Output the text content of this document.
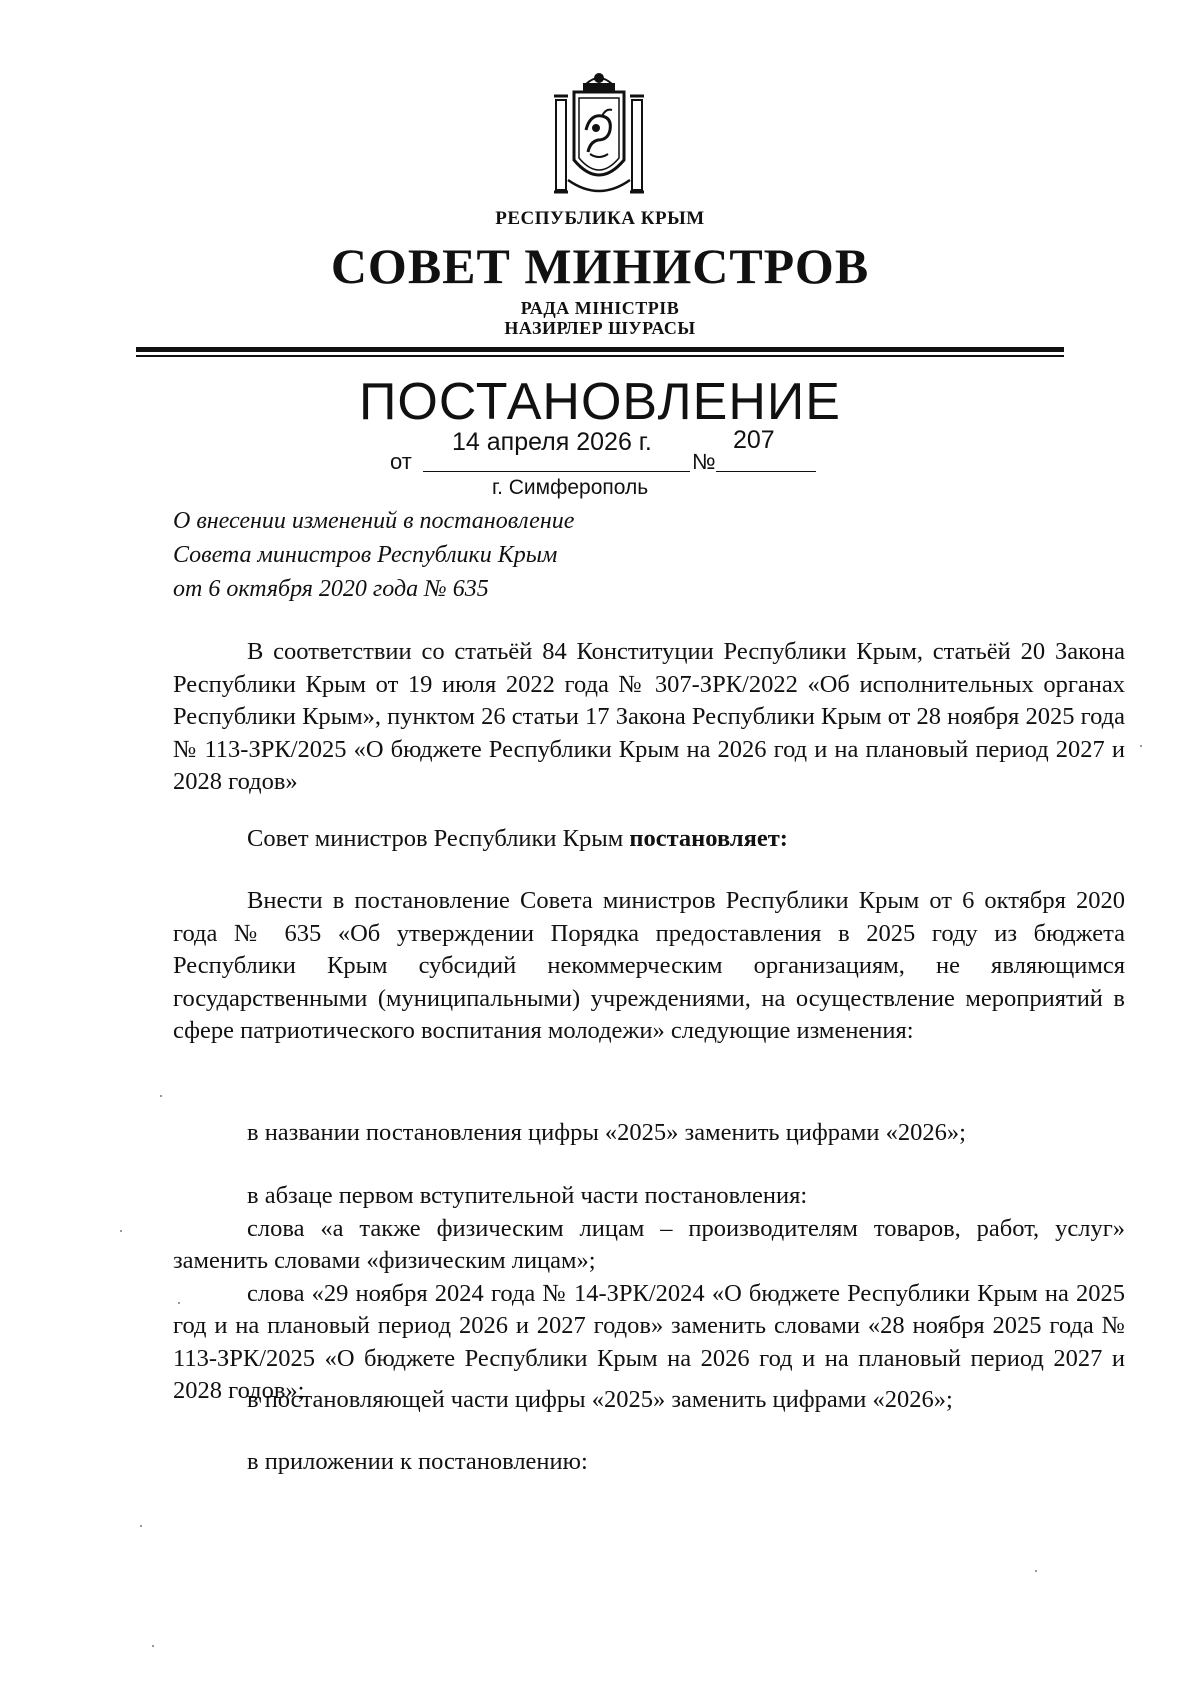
РЕСПУБЛИКА КРЫМ
СОВЕТ МИНИСТРОВ
РАДА МІНІСТРІВ
НАЗИРЛЕР ШУРАСЫ
ПОСТАНОВЛЕНИЕ
14 апреля 2026 г.	207
от	№
г. Симферополь
О внесении изменений в постановление
Совета министров Республики Крым
от 6 октября 2020 года № 635

В соответствии со статьёй 84 Конституции Республики Крым, статьёй 20 Закона Республики Крым от 19 июля 2022 года № 307-ЗРК/2022 «Об исполнительных органах Республики Крым», пунктом 26 статьи 17 Закона Республики Крым от 28 ноября 2025 года № 113-ЗРК/2025 «О бюджете Республики Крым на 2026 год и на плановый период 2027 и 2028 годов»

Совет министров Республики Крым постановляет:

Внести в постановление Совета министров Республики Крым от 6 октября 2020 года № 635 «Об утверждении Порядка предоставления в 2025 году из бюджета Республики Крым субсидий некоммерческим организациям, не являющимся государственными (муниципальными) учреждениями, на осуществление мероприятий в сфере патриотического воспитания молодежи» следующие изменения:

в названии постановления цифры «2025» заменить цифрами «2026»;

в абзаце первом вступительной части постановления:

слова «а также физическим лицам – производителям товаров, работ, услуг» заменить словами «физическим лицам»;

слова «29 ноября 2024 года № 14-ЗРК/2024 «О бюджете Республики Крым на 2025 год и на плановый период 2026 и 2027 годов» заменить словами «28 ноября 2025 года № 113-ЗРК/2025 «О бюджете Республики Крым на 2026 год и на плановый период 2027 и 2028 годов»;

в постановляющей части цифры «2025» заменить цифрами «2026»;

в приложении к постановлению:
